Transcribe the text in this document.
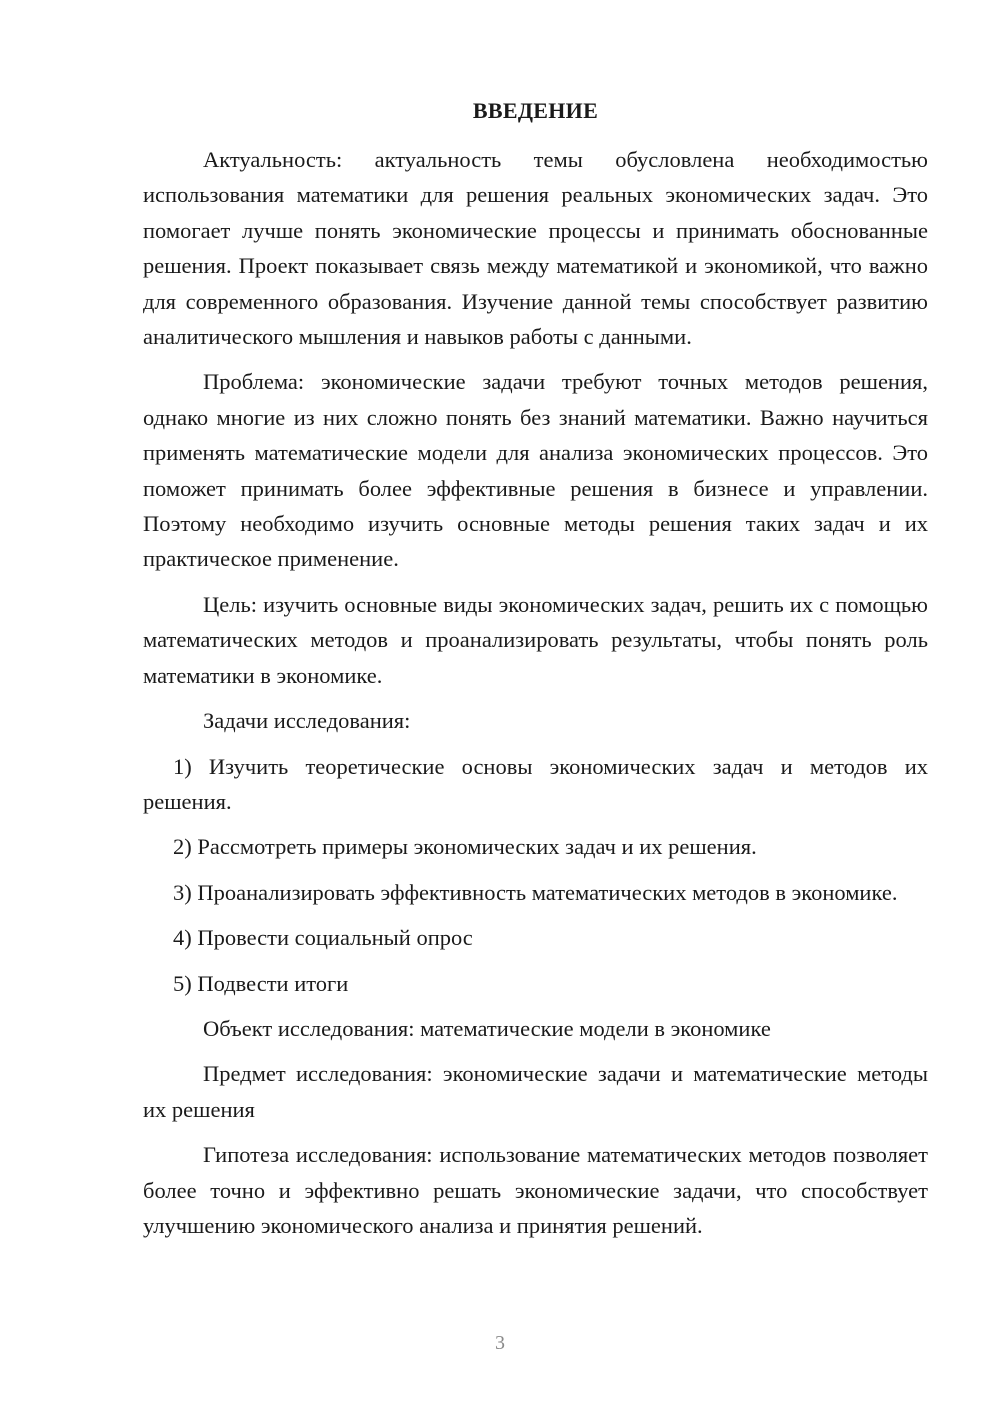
ВВЕДЕНИЕ

Актуальность: актуальность темы обусловлена необходимостью использования математики для решения реальных экономических задач. Это помогает лучше понять экономические процессы и принимать обоснованные решения. Проект показывает связь между математикой и экономикой, что важно для современного образования. Изучение данной темы способствует развитию аналитического мышления и навыков работы с данными.

Проблема: экономические задачи требуют точных методов решения, однако многие из них сложно понять без знаний математики. Важно научиться применять математические модели для анализа экономических процессов. Это поможет принимать более эффективные решения в бизнесе и управлении. Поэтому необходимо изучить основные методы решения таких задач и их практическое применение.

Цель: изучить основные виды экономических задач, решить их с помощью математических методов и проанализировать результаты, чтобы понять роль математики в экономике.

Задачи исследования:

1) Изучить теоретические основы экономических задач и методов их решения.

2) Рассмотреть примеры экономических задач и их решения.

3) Проанализировать эффективность математических методов в экономике.

4) Провести социальный опрос

5) Подвести итоги

Объект исследования: математические модели в экономике

Предмет исследования: экономические задачи и математические методы их решения

Гипотеза исследования: использование математических методов позволяет более точно и эффективно решать экономические задачи, что способствует улучшению экономического анализа и принятия решений.

3
